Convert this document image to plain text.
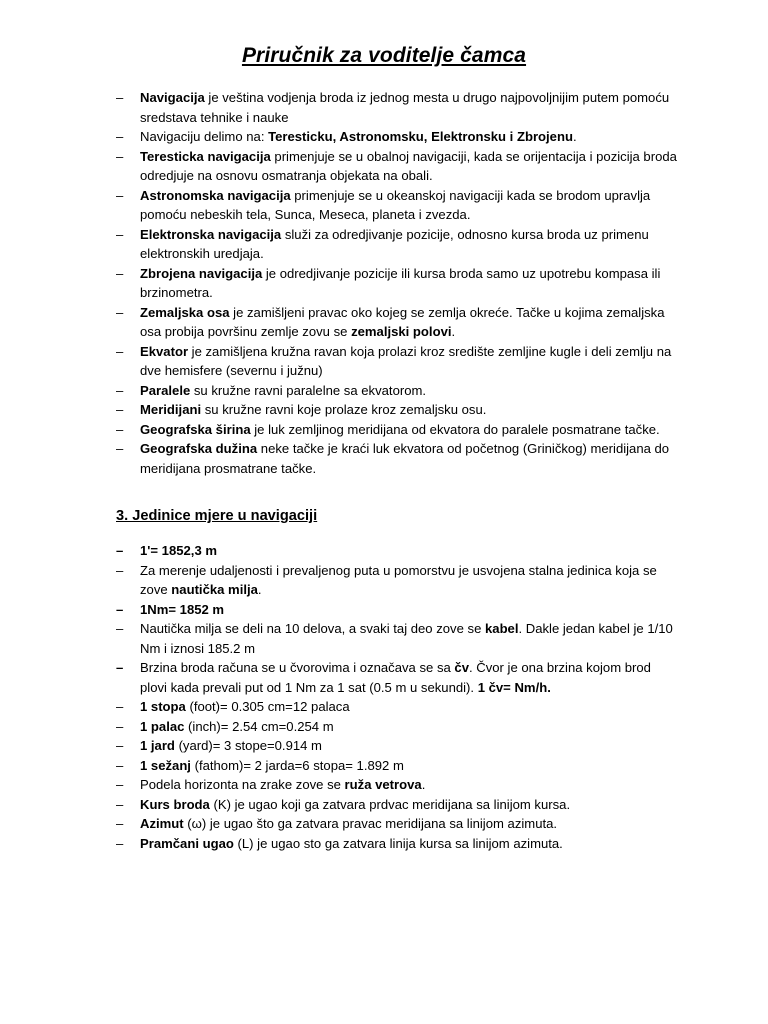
Priručnik za voditelje čamca
– Navigacija je veština vodjenja broda iz jednog mesta u drugo najpovoljnijim putem pomoću sredstava tehnike i nauke
– Navigaciju delimo na: Teresticku, Astronomsku, Elektronsku i Zbrojenu.
– Teresticka navigacija primenjuje se u obalnoj navigaciji, kada se orijentacija i pozicija broda odredjuje na osnovu osmatranja objekata na obali.
– Astronomska navigacija primenjuje se u okeanskoj navigaciji kada se brodom upravlja pomoću nebeskih tela, Sunca, Meseca, planeta i zvezda.
– Elektronska navigacija služi za odredjivanje pozicije, odnosno kursa broda uz primenu elektronskih uredjaja.
– Zbrojena navigacija je odredjivanje pozicije ili kursa broda samo uz upotrebu kompasa ili brzinometra.
– Zemaljska osa je zamišljeni pravac oko kojeg se zemlja okreće. Tačke u kojima zemaljska osa probija površinu zemlje zovu se zemaljski polovi.
– Ekvator je zamišljena kružna ravan koja prolazi kroz središte zemljine kugle i deli zemlju na dve hemisfere (severnu i južnu)
– Paralele su kružne ravni paralelne sa ekvatorom.
– Meridijani su kružne ravni koje prolaze kroz zemaljsku osu.
– Geografska širina je luk zemljinog meridijana od ekvatora do paralele posmatrane tačke.
– Geografska dužina neke tačke je kraći luk ekvatora od početnog (Griničkog) meridijana do meridijana prosmatrane tačke.
3. Jedinice mjere u navigaciji
– 1'= 1852,3 m
– Za merenje udaljenosti i prevaljenog puta u pomorstvu je usvojena stalna jedinica koja se zove nautička milja.
– 1Nm= 1852 m
– Nautička milja se deli na 10 delova, a svaki taj deo zove se kabel. Dakle jedan kabel je 1/10 Nm i iznosi 185.2 m
– Brzina broda računa se u čvorovima i označava se sa čv. Čvor je ona brzina kojom brod plovi kada prevali put od 1 Nm za 1 sat (0.5 m u sekundi). 1 čv= Nm/h.
– 1 stopa (foot)= 0.305 cm=12 palaca
– 1 palac (inch)= 2.54 cm=0.254 m
– 1 jard (yard)= 3 stope=0.914 m
– 1 sežanj (fathom)= 2 jarda=6 stopa= 1.892 m
– Podela horizonta na zrake zove se ruža vetrova.
– Kurs broda (K) je ugao koji ga zatvara prdvac meridijana sa linijom kursa.
– Azimut (ω) je ugao što ga zatvara pravac meridijana sa linijom azimuta.
– Pramčani ugao (L) je ugao sto ga zatvara linija kursa sa linijom azimuta.
